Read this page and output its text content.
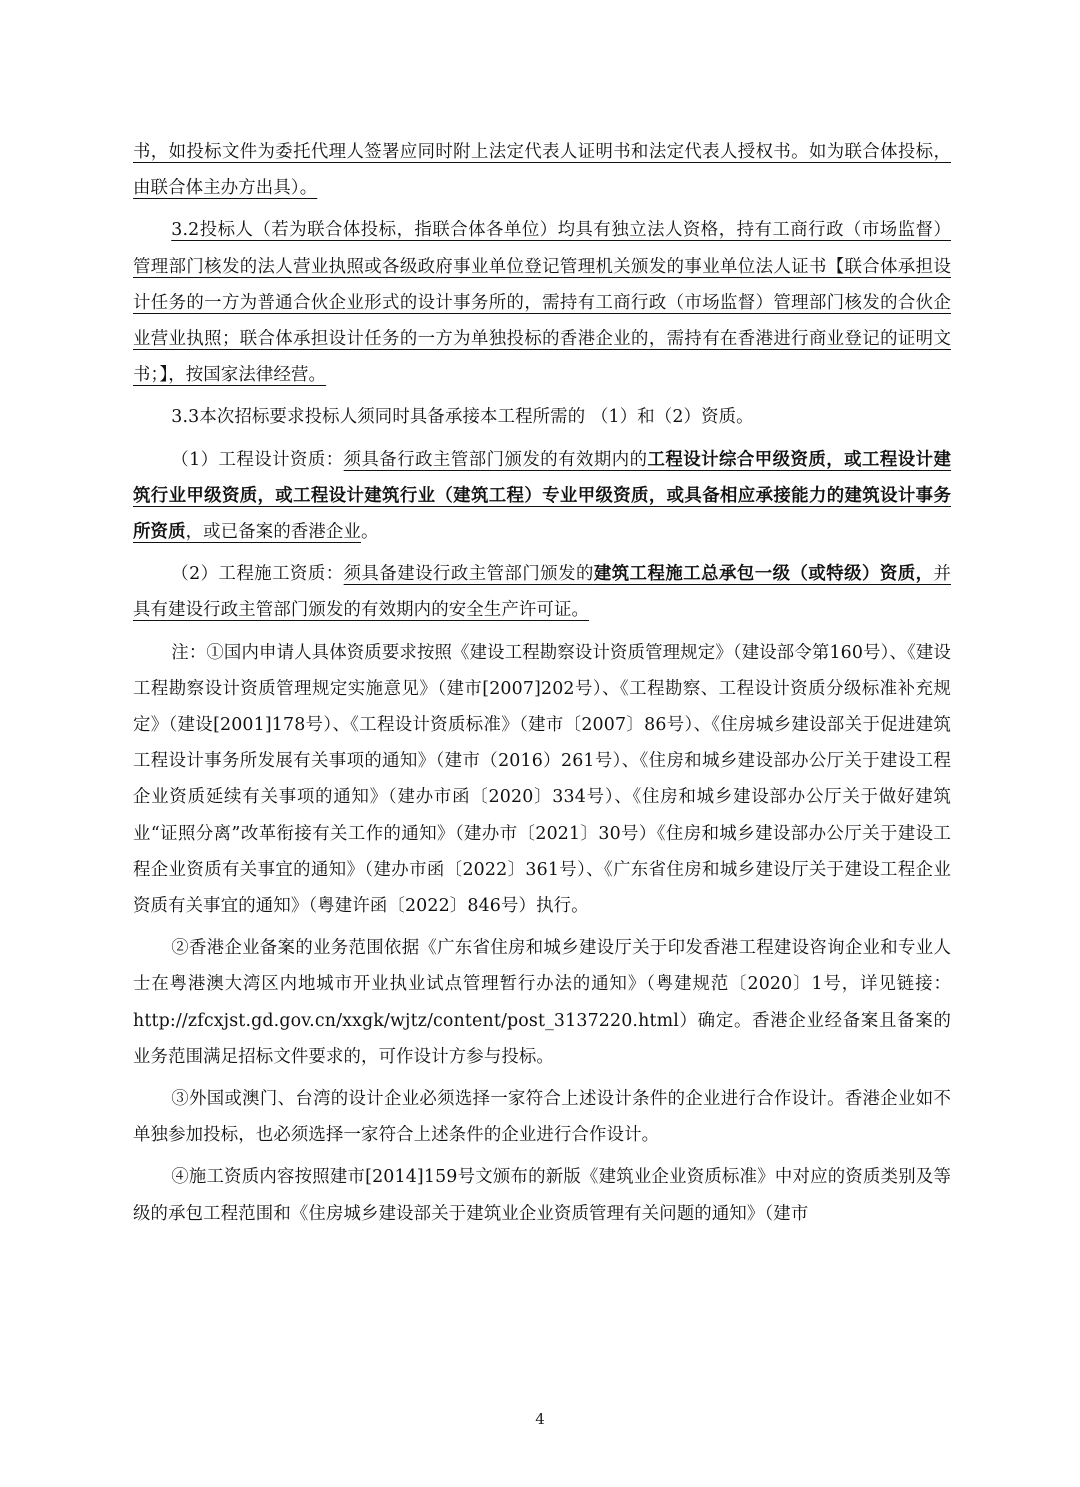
书，如投标文件为委托代理人签署应同时附上法定代表人证明书和法定代表人授权书。如为联合体投标，由联合体主办方出具）。

3.2投标人（若为联合体投标，指联合体各单位）均具有独立法人资格，持有工商行政（市场监督）管理部门核发的法人营业执照或各级政府事业单位登记管理机关颁发的事业单位法人证书【联合体承担设计任务的一方为普通合伙企业形式的设计事务所的，需持有工商行政（市场监督）管理部门核发的合伙企业营业执照；联合体承担设计任务的一方为单独投标的香港企业的，需持有在香港进行商业登记的证明文书；】，按国家法律经营。

3.3本次招标要求投标人须同时具备承接本工程所需的 （1）和（2）资质。

（1）工程设计资质：须具备行政主管部门颁发的有效期内的工程设计综合甲级资质，或工程设计建筑行业甲级资质，或工程设计建筑行业（建筑工程）专业甲级资质，或具备相应承接能力的建筑设计事务所资质，或已备案的香港企业。

（2）工程施工资质：须具备建设行政主管部门颁发的建筑工程施工总承包一级（或特级）资质，并具有建设行政主管部门颁发的有效期内的安全生产许可证。

注：①国内申请人具体资质要求按照《建设工程勘察设计资质管理规定》（建设部令第160号）、《建设工程勘察设计资质管理规定实施意见》（建市[2007]202号）、《工程勘察、工程设计资质分级标准补充规定》（建设[2001]178号）、《工程设计资质标准》（建市〔2007〕86号）、《住房城乡建设部关于促进建筑工程设计事务所发展有关事项的通知》（建市（2016）261号）、《住房和城乡建设部办公厅关于建设工程企业资质延续有关事项的通知》（建办市函〔2020〕334号）、《住房和城乡建设部办公厅关于做好建筑业“证照分离”改革衔接有关工作的通知》（建办市〔2021〕30号）《住房和城乡建设部办公厅关于建设工程企业资质有关事宜的通知》（建办市函〔2022〕361号）、《广东省住房和城乡建设厅关于建设工程企业资质有关事宜的通知》（粤建许函〔2022〕846号）执行。

②香港企业备案的业务范围依据《广东省住房和城乡建设厅关于印发香港工程建设咨询企业和专业人士在粤港澳大湾区内地城市开业执业试点管理暂行办法的通知》（粤建规范〔2020〕1号，详见链接：http://zfcxjst.gd.gov.cn/xxgk/wjtz/content/post_3137220.html）确定。香港企业经备案且备案的业务范围满足招标文件要求的，可作设计方参与投标。

③外国或澳门、台湾的设计企业必须选择一家符合上述设计条件的企业进行合作设计。香港企业如不单独参加投标，也必须选择一家符合上述条件的企业进行合作设计。

④施工资质内容按照建市[2014]159号文颁布的新版《建筑业企业资质标准》中对应的资质类别及等级的承包工程范围和《住房城乡建设部关于建筑业企业资质管理有关问题的通知》（建市

4
